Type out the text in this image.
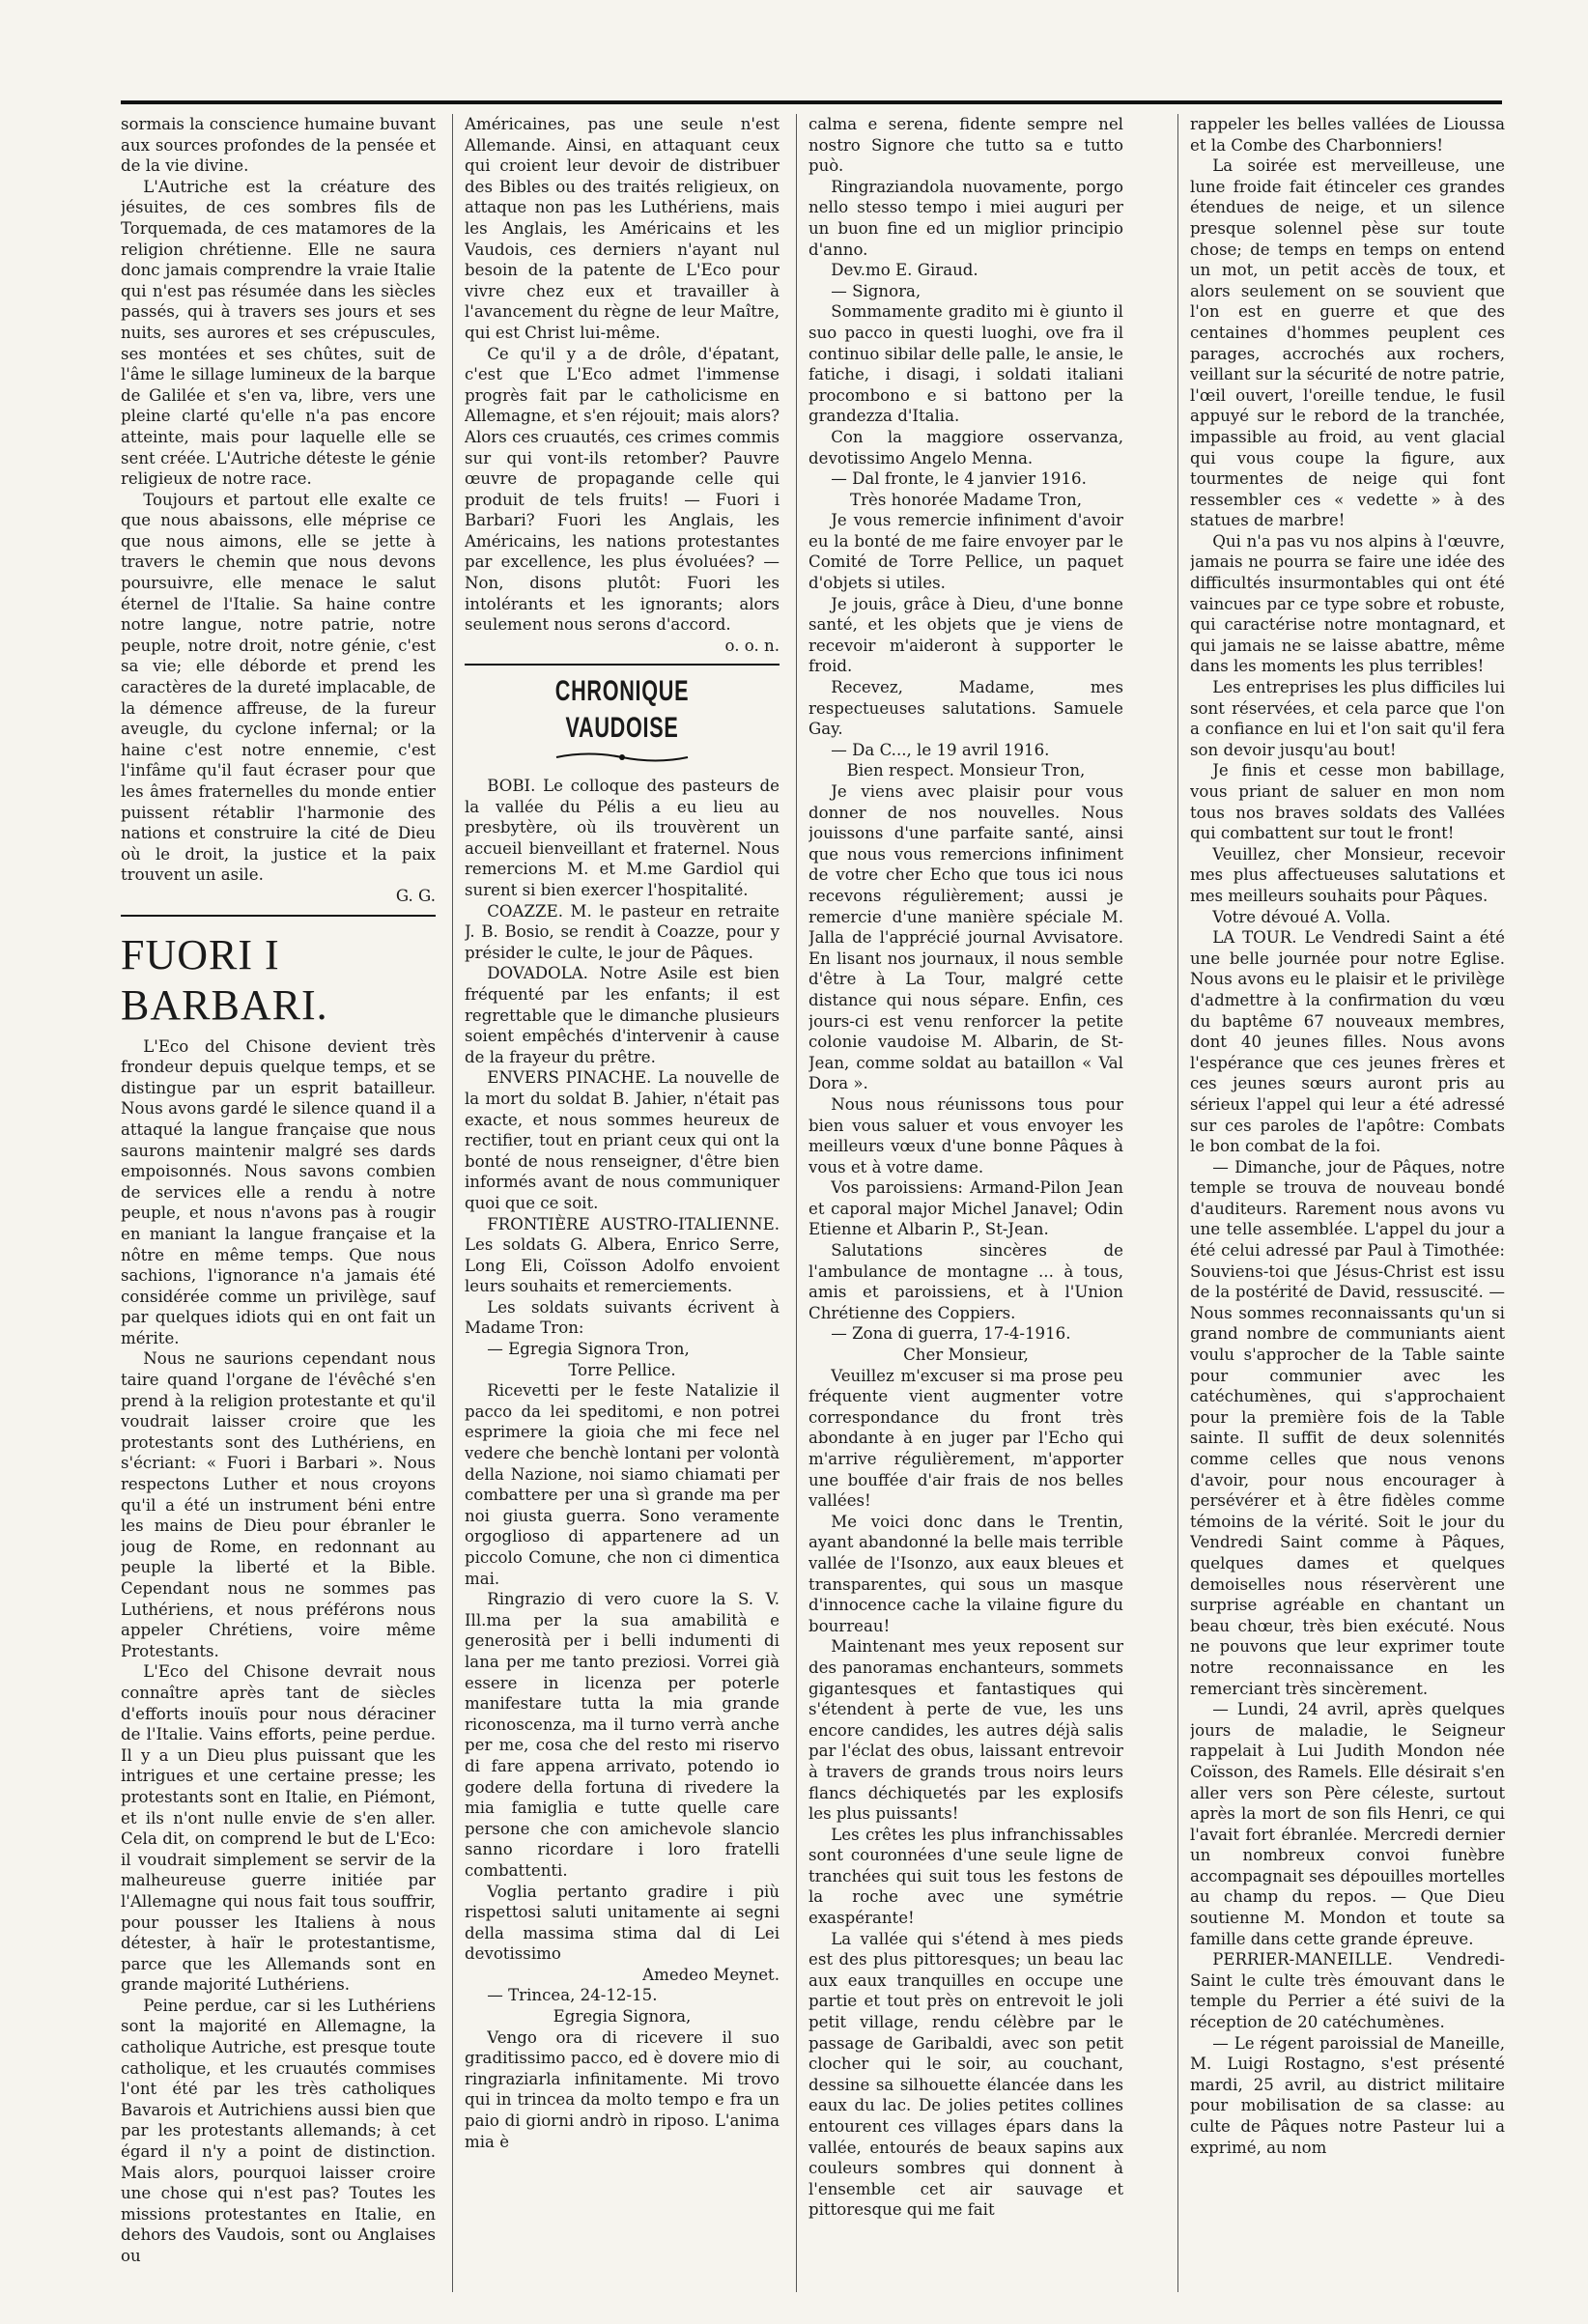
sormais la conscience humaine buvant aux sources profondes de la pensée et de la vie divine.

L'Autriche est la créature des jésuites, de ces sombres fils de Torquemada, de ces matamores de la religion chrétienne. Elle ne saura donc jamais comprendre la vraie Italie qui n'est pas résumée dans les siècles passés, qui à travers ses jours et ses nuits, ses aurores et ses crépuscules, ses montées et ses chûtes, suit de l'âme le sillage lumineux de la barque de Galilée et s'en va, libre, vers une pleine clarté qu'elle n'a pas encore atteinte, mais pour laquelle elle se sent créée. L'Autriche déteste le génie religieux de notre race.

Toujours et partout elle exalte ce que nous abaissons, elle méprise ce que nous aimons, elle se jette à travers le chemin que nous devons poursuivre, elle menace le salut éternel de l'Italie. Sa haine contre notre langue, notre patrie, notre peuple, notre droit, notre génie, c'est sa vie; elle déborde et prend les caractères de la dureté implacable, de la démence affreuse, de la fureur aveugle, du cyclone infernal; or la haine c'est notre ennemie, c'est l'infâme qu'il faut écraser pour que les âmes fraternelles du monde entier puissent rétablir l'harmonie des nations et construire la cité de Dieu où le droit, la justice et la paix trouvent un asile.

G. G.

FUORI I BARBARI.

L'Eco del Chisone devient très frondeur depuis quelque temps, et se distingue par un esprit batailleur. Nous avons gardé le silence quand il a attaqué la langue française que nous saurons maintenir malgré ses dards empoisonnés. Nous savons combien de services elle a rendu à notre peuple, et nous n'avons pas à rougir en maniant la langue française et la nôtre en même temps. Que nous sachions, l'ignorance n'a jamais été considérée comme un privilège, sauf par quelques idiots qui en ont fait un mérite.

Nous ne saurions cependant nous taire quand l'organe de l'évêché s'en prend à la religion protestante et qu'il voudrait laisser croire que les protestants sont des Luthériens, en s'écriant: « Fuori i Barbari ». Nous respectons Luther et nous croyons qu'il a été un instrument béni entre les mains de Dieu pour ébranler le joug de Rome, en redonnant au peuple la liberté et la Bible. Cependant nous ne sommes pas Luthériens, et nous préférons nous appeler Chrétiens, voire même Protestants.

L'Eco del Chisone devrait nous connaître après tant de siècles d'efforts inouïs pour nous déraciner de l'Italie. Vains efforts, peine perdue. Il y a un Dieu plus puissant que les intrigues et une certaine presse; les protestants sont en Italie, en Piémont, et ils n'ont nulle envie de s'en aller. Cela dit, on comprend le but de L'Eco: il voudrait simplement se servir de la malheureuse guerre initiée par l'Allemagne qui nous fait tous souffrir, pour pousser les Italiens à nous détester, à haïr le protestantisme, parce que les Allemands sont en grande majorité Luthériens.

Peine perdue, car si les Luthériens sont la majorité en Allemagne, la catholique Autriche, est presque toute catholique, et les cruautés commises l'ont été par les très catholiques Bavarois et Autrichiens aussi bien que par les protestants allemands; à cet égard il n'y a point de distinction. Mais alors, pourquoi laisser croire une chose qui n'est pas? Toutes les missions protestantes en Italie, en dehors des Vaudois, sont ou Anglaises ou

Américaines, pas une seule n'est Allemande. Ainsi, en attaquant ceux qui croient leur devoir de distribuer des Bibles ou des traités religieux, on attaque non pas les Luthériens, mais les Anglais, les Américains et les Vaudois, ces derniers n'ayant nul besoin de la patente de L'Eco pour vivre chez eux et travailler à l'avancement du règne de leur Maître, qui est Christ lui-même.

Ce qu'il y a de drôle, d'épatant, c'est que L'Eco admet l'immense progrès fait par le catholicisme en Allemagne, et s'en réjouit; mais alors? Alors ces cruautés, ces crimes commis sur qui vont-ils retomber? Pauvre œuvre de propagande celle qui produit de tels fruits! — Fuori i Barbari? Fuori les Anglais, les Américains, les nations protestantes par excellence, les plus évoluées? — Non, disons plutôt: Fuori les intolérants et les ignorants; alors seulement nous serons d'accord.

o. o. n.

CHRONIQUE VAUDOISE

BOBI. Le colloque des pasteurs de la vallée du Pélis a eu lieu au presbytère, où ils trouvèrent un accueil bienveillant et fraternel. Nous remercions M. et M.me Gardiol qui surent si bien exercer l'hospitalité.

COAZZE. M. le pasteur en retraite J. B. Bosio, se rendit à Coazze, pour y présider le culte, le jour de Pâques.

DOVADOLA. Notre Asile est bien fréquenté par les enfants; il est regrettable que le dimanche plusieurs soient empêchés d'intervenir à cause de la frayeur du prêtre.

ENVERS PINACHE. La nouvelle de la mort du soldat B. Jahier, n'était pas exacte, et nous sommes heureux de rectifier, tout en priant ceux qui ont la bonté de nous renseigner, d'être bien informés avant de nous communiquer quoi que ce soit.

FRONTIÈRE AUSTRO-ITALIENNE. Les soldats G. Albera, Enrico Serre, Long Eli, Coïsson Adolfo envoient leurs souhaits et remerciements.

Les soldats suivants écrivent à Madame Tron:

— Egregia Signora Tron,

Torre Pellice.

Ricevetti per le feste Natalizie il pacco da lei speditomi, e non potrei esprimere la gioia che mi fece nel vedere che benchè lontani per volontà della Nazione, noi siamo chiamati per combattere per una sì grande ma per noi giusta guerra. Sono veramente orgoglioso di appartenere ad un piccolo Comune, che non ci dimentica mai.

Ringrazio di vero cuore la S. V. Ill.ma per la sua amabilità e generosità per i belli indumenti di lana per me tanto preziosi. Vorrei già essere in licenza per poterle manifestare tutta la mia grande riconoscenza, ma il turno verrà anche per me, cosa che del resto mi riservo di fare appena arrivato, potendo io godere della fortuna di rivedere la mia famiglia e tutte quelle care persone che con amichevole slancio sanno ricordare i loro fratelli combattenti.

Voglia pertanto gradire i più rispettosi saluti unitamente ai segni della massima stima dal di Lei devotissimo

Amedeo Meynet.

— Trincea, 24-12-15.

Egregia Signora,

Vengo ora di ricevere il suo graditissimo pacco, ed è dovere mio di ringraziarla infinitamente. Mi trovo qui in trincea da molto tempo e fra un paio di giorni andrò in riposo. L'anima mia è

calma e serena, fidente sempre nel nostro Signore che tutto sa e tutto può.

Ringraziandola nuovamente, porgo nello stesso tempo i miei auguri per un buon fine ed un miglior principio d'anno.

Dev.mo E. Giraud.

— Signora,

Sommamente gradito mi è giunto il suo pacco in questi luoghi, ove fra il continuo sibilar delle palle, le ansie, le fatiche, i disagi, i soldati italiani procombono e si battono per la grandezza d'Italia.

Con la maggiore osservanza, devotissimo Angelo Menna.

— Dal fronte, le 4 janvier 1916.

Très honorée Madame Tron,

Je vous remercie infiniment d'avoir eu la bonté de me faire envoyer par le Comité de Torre Pellice, un paquet d'objets si utiles.

Je jouis, grâce à Dieu, d'une bonne santé, et les objets que je viens de recevoir m'aideront à supporter le froid.

Recevez, Madame, mes respectueuses salutations. Samuele Gay.

— Da C..., le 19 avril 1916.

Bien respect. Monsieur Tron,

Je viens avec plaisir pour vous donner de nos nouvelles. Nous jouissons d'une parfaite santé, ainsi que nous vous remercions infiniment de votre cher Echo que tous ici nous recevons régulièrement; aussi je remercie d'une manière spéciale M. Jalla de l'apprécié journal Avvisatore. En lisant nos journaux, il nous semble d'être à La Tour, malgré cette distance qui nous sépare. Enfin, ces jours-ci est venu renforcer la petite colonie vaudoise M. Albarin, de St-Jean, comme soldat au bataillon « Val Dora ».

Nous nous réunissons tous pour bien vous saluer et vous envoyer les meilleurs vœux d'une bonne Pâques à vous et à votre dame.

Vos paroissiens: Armand-Pilon Jean et caporal major Michel Janavel; Odin Etienne et Albarin P., St-Jean.

Salutations sincères de l'ambulance de montagne ... à tous, amis et paroissiens, et à l'Union Chrétienne des Coppiers.

— Zona di guerra, 17-4-1916.

Cher Monsieur,

Veuillez m'excuser si ma prose peu fréquente vient augmenter votre correspondance du front très abondante à en juger par l'Echo qui m'arrive régulièrement, m'apporter une bouffée d'air frais de nos belles vallées!

Me voici donc dans le Trentin, ayant abandonné la belle mais terrible vallée de l'Isonzo, aux eaux bleues et transparentes, qui sous un masque d'innocence cache la vilaine figure du bourreau!

Maintenant mes yeux reposent sur des panoramas enchanteurs, sommets gigantesques et fantastiques qui s'étendent à perte de vue, les uns encore candides, les autres déjà salis par l'éclat des obus, laissant entrevoir à travers de grands trous noirs leurs flancs déchiquetés par les explosifs les plus puissants!

Les crêtes les plus infranchissables sont couronnées d'une seule ligne de tranchées qui suit tous les festons de la roche avec une symétrie exaspérante!

La vallée qui s'étend à mes pieds est des plus pittoresques; un beau lac aux eaux tranquilles en occupe une partie et tout près on entrevoit le joli petit village, rendu célèbre par le passage de Garibaldi, avec son petit clocher qui le soir, au couchant, dessine sa silhouette élancée dans les eaux du lac. De jolies petites collines entourent ces villages épars dans la vallée, entourés de beaux sapins aux couleurs sombres qui donnent à l'ensemble cet air sauvage et pittoresque qui me fait

rappeler les belles vallées de Lioussa et la Combe des Charbonniers!

La soirée est merveilleuse, une lune froide fait étinceler ces grandes étendues de neige, et un silence presque solennel pèse sur toute chose; de temps en temps on entend un mot, un petit accès de toux, et alors seulement on se souvient que l'on est en guerre et que des centaines d'hommes peuplent ces parages, accrochés aux rochers, veillant sur la sécurité de notre patrie, l'œil ouvert, l'oreille tendue, le fusil appuyé sur le rebord de la tranchée, impassible au froid, au vent glacial qui vous coupe la figure, aux tourmentes de neige qui font ressembler ces « vedette » à des statues de marbre!

Qui n'a pas vu nos alpins à l'œuvre, jamais ne pourra se faire une idée des difficultés insurmontables qui ont été vaincues par ce type sobre et robuste, qui caractérise notre montagnard, et qui jamais ne se laisse abattre, même dans les moments les plus terribles!

Les entreprises les plus difficiles lui sont réservées, et cela parce que l'on a confiance en lui et l'on sait qu'il fera son devoir jusqu'au bout!

Je finis et cesse mon babillage, vous priant de saluer en mon nom tous nos braves soldats des Vallées qui combattent sur tout le front!

Veuillez, cher Monsieur, recevoir mes plus affectueuses salutations et mes meilleurs souhaits pour Pâques.

Votre dévoué A. Volla.

LA TOUR. Le Vendredi Saint a été une belle journée pour notre Eglise. Nous avons eu le plaisir et le privilège d'admettre à la confirmation du vœu du baptême 67 nouveaux membres, dont 40 jeunes filles. Nous avons l'espérance que ces jeunes frères et ces jeunes sœurs auront pris au sérieux l'appel qui leur a été adressé sur ces paroles de l'apôtre: Combats le bon combat de la foi.

— Dimanche, jour de Pâques, notre temple se trouva de nouveau bondé d'auditeurs. Rarement nous avons vu une telle assemblée. L'appel du jour a été celui adressé par Paul à Timothée: Souviens-toi que Jésus-Christ est issu de la postérité de David, ressuscité. — Nous sommes reconnaissants qu'un si grand nombre de communiants aient voulu s'approcher de la Table sainte pour communier avec les catéchumènes, qui s'approchaient pour la première fois de la Table sainte. Il suffit de deux solennités comme celles que nous venons d'avoir, pour nous encourager à persévérer et à être fidèles comme témoins de la vérité. Soit le jour du Vendredi Saint comme à Pâques, quelques dames et quelques demoiselles nous réservèrent une surprise agréable en chantant un beau chœur, très bien exécuté. Nous ne pouvons que leur exprimer toute notre reconnaissance en les remerciant très sincèrement.

— Lundi, 24 avril, après quelques jours de maladie, le Seigneur rappelait à Lui Judith Mondon née Coïsson, des Ramels. Elle désirait s'en aller vers son Père céleste, surtout après la mort de son fils Henri, ce qui l'avait fort ébranlée. Mercredi dernier un nombreux convoi funèbre accompagnait ses dépouilles mortelles au champ du repos. — Que Dieu soutienne M. Mondon et toute sa famille dans cette grande épreuve.

PERRIER-MANEILLE. Vendredi-Saint le culte très émouvant dans le temple du Perrier a été suivi de la réception de 20 catéchumènes.

— Le régent paroissial de Maneille, M. Luigi Rostagno, s'est présenté mardi, 25 avril, au district militaire pour mobilisation de sa classe: au culte de Pâques notre Pasteur lui a exprimé, au nom
